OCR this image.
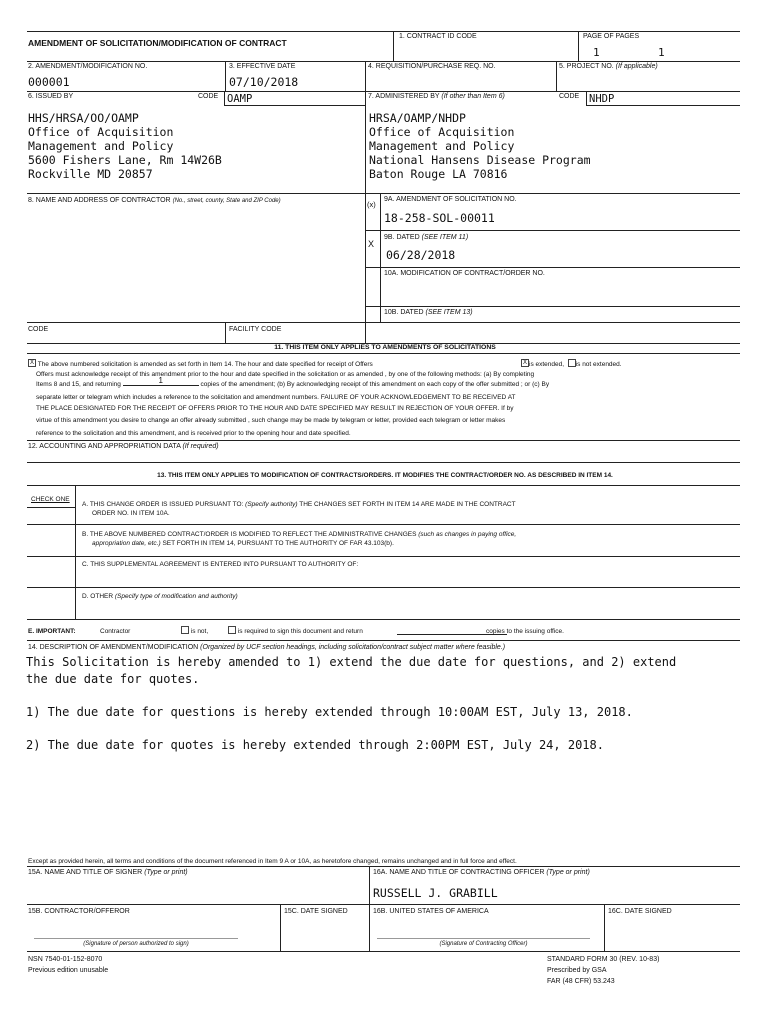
AMENDMENT OF SOLICITATION/MODIFICATION OF CONTRACT
1. CONTRACT ID CODE	PAGE OF PAGES
1	1
2. AMENDMENT/MODIFICATION NO.
000001
3. EFFECTIVE DATE
07/10/2018
4. REQUISITION/PURCHASE REQ. NO.	5. PROJECT NO. (If applicable)
6. ISSUED BY	CODE OAMP
HHS/HRSA/OO/OAMP
Office of Acquisition
Management and Policy
5600 Fishers Lane, Rm 14W26B
Rockville MD 20857
7. ADMINISTERED BY (If other than Item 6)	CODE NHDP
HRSA/OAMP/NHDP
Office of Acquisition
Management and Policy
National Hansens Disease Program
Baton Rouge LA 70816
8. NAME AND ADDRESS OF CONTRACTOR (No., street, county, State and ZIP Code)	(x)
9A. AMENDMENT OF SOLICITATION NO.
18-258-SOL-00011
X
9B. DATED (SEE ITEM 11)
06/28/2018
10A. MODIFICATION OF CONTRACT/ORDER NO.
10B. DATED (SEE ITEM 13)
CODE	FACILITY CODE
11. THIS ITEM ONLY APPLIES TO AMENDMENTS OF SOLICITATIONS
X The above numbered solicitation is amended as set forth in Item 14. The hour and date specified for receipt of Offers	X is extended, is not extended.
Offers must acknowledge receipt of this amendment prior to the hour and date specified in the solicitation or as amended , by one of the following methods: (a) By completing
Items 8 and 15, and returning	1	copies of the amendment; (b) By acknowledging receipt of this amendment on each copy of the offer submitted ; or (c) By
separate letter or telegram which includes a reference to the solicitation and amendment numbers. FAILURE OF YOUR ACKNOWLEDGEMENT TO BE RECEIVED AT
THE PLACE DESIGNATED FOR THE RECEIPT OF OFFERS PRIOR TO THE HOUR AND DATE SPECIFIED MAY RESULT IN REJECTION OF YOUR OFFER. If by
virtue of this amendment you desire to change an offer already submitted , such change may be made by telegram or letter, provided each telegram or letter makes
reference to the solicitation and this amendment, and is received prior to the opening hour and date specified.
12. ACCOUNTING AND APPROPRIATION DATA (If required)
13. THIS ITEM ONLY APPLIES TO MODIFICATION OF CONTRACTS/ORDERS. IT MODIFIES THE CONTRACT/ORDER NO. AS DESCRIBED IN ITEM 14.
CHECK ONE
A. THIS CHANGE ORDER IS ISSUED PURSUANT TO: (Specify authority) THE CHANGES SET FORTH IN ITEM 14 ARE MADE IN THE CONTRACT
ORDER NO. IN ITEM 10A.
B. THE ABOVE NUMBERED CONTRACT/ORDER IS MODIFIED TO REFLECT THE ADMINISTRATIVE CHANGES (such as changes in paying office,
appropriation date, etc.) SET FORTH IN ITEM 14, PURSUANT TO THE AUTHORITY OF FAR 43.103(b).
C. THIS SUPPLEMENTAL AGREEMENT IS ENTERED INTO PURSUANT TO AUTHORITY OF:
D. OTHER (Specify type of modification and authority)
E. IMPORTANT:	Contractor	is not,	is required to sign this document and return	copies to the issuing office.
14. DESCRIPTION OF AMENDMENT/MODIFICATION (Organized by UCF section headings, including solicitation/contract subject matter where feasible.)
This Solicitation is hereby amended to 1) extend the due date for questions, and 2) extend
the due date for quotes.
1) The due date for questions is hereby extended through 10:00AM EST, July 13, 2018.
2) The due date for quotes is hereby extended through 2:00PM EST, July 24, 2018.
Except as provided herein, all terms and conditions of the document referenced in Item 9 A or 10A, as heretofore changed, remains unchanged and in full force and effect.
15A. NAME AND TITLE OF SIGNER (Type or print)	16A. NAME AND TITLE OF CONTRACTING OFFICER (Type or print)
RUSSELL J. GRABILL
15B. CONTRACTOR/OFFEROR	15C. DATE SIGNED	16B. UNITED STATES OF AMERICA	16C. DATE SIGNED
(Signature of person authorized to sign)	(Signature of Contracting Officer)
NSN 7540-01-152-8070
Previous edition unusable
STANDARD FORM 30 (REV. 10-83)
Prescribed by GSA
FAR (48 CFR) 53.243
